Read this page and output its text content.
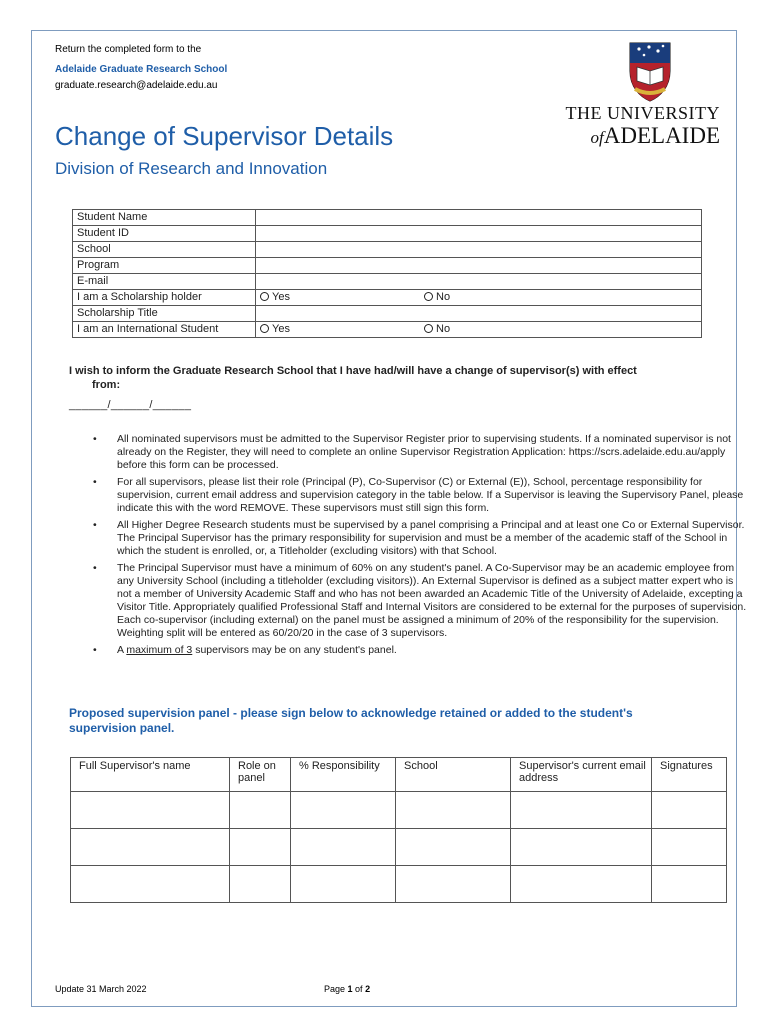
Return the completed form to the
Adelaide Graduate Research School
graduate.research@adelaide.edu.au
THE UNIVERSITY
ofADELAIDE
Change of Supervisor Details
Division of Research and Innovation
Student Name	
Student ID	
School	
Program	
E-mail	
I am a Scholarship holder	Yes No

Scholarship Title	
I am an International Student	Yes No
I wish to inform the Graduate Research School that I have had/will have a change of supervisor(s) with effect
from:
______/______/______
• All nominated supervisors must be admitted to the Supervisor Register prior to supervising students. If a nominated supervisor is not already on the Register, they will need to complete an online Supervisor Registration Application: https://scrs.adelaide.edu.au/apply before this form can be processed.
• For all supervisors, please list their role (Principal (P), Co-Supervisor (C) or External (E)), School, percentage responsibility for supervision, current email address and supervision category in the table below. If a Supervisor is leaving the Supervisory Panel, please indicate this with the word REMOVE. These supervisors must still sign this form.
• All Higher Degree Research students must be supervised by a panel comprising a Principal and at least one Co or External Supervisor. The Principal Supervisor has the primary responsibility for supervision and must be a member of the academic staff of the School in which the student is enrolled, or, a Titleholder (excluding visitors) with that School.
• The Principal Supervisor must have a minimum of 60% on any student's panel. A Co-Supervisor may be an academic employee from any University School (including a titleholder (excluding visitors)). An External Supervisor is defined as a subject matter expert who is not a member of University Academic Staff and who has not been awarded an Academic Title of the University of Adelaide, excepting a Visitor Title. Appropriately qualified Professional Staff and Internal Visitors are considered to be external for the purposes of supervision. Each co-supervisor (including external) on the panel must be assigned a minimum of 20% of the responsibility for the supervision. Weighting split will be entered as 60/20/20 in the case of 3 supervisors.
• A maximum of 3 supervisors may be on any student's panel.
Proposed supervision panel - please sign below to acknowledge retained or added to the student's supervision panel.
Full Supervisor's name	Role on panel	% Responsibility	School	Supervisor's current email address	Signatures

Update 31 March 2022	Page 1 of 2
